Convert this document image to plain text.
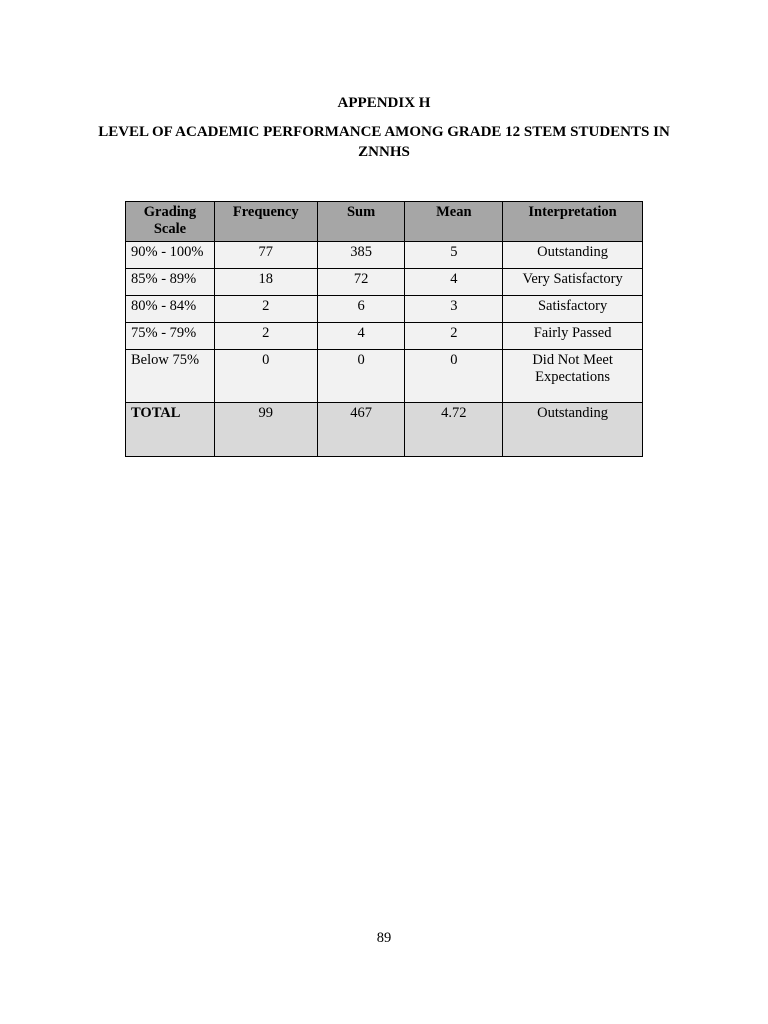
APPENDIX H
LEVEL OF ACADEMIC PERFORMANCE AMONG GRADE 12 STEM STUDENTS IN ZNNHS
Grading Scale	Frequency	Sum	Mean	Interpretation
90% - 100%	77	385	5	Outstanding
85% - 89%	18	72	4	Very Satisfactory
80% - 84%	2	6	3	Satisfactory
75% - 79%	2	4	2	Fairly Passed
Below 75%	0	0	0	Did Not Meet Expectations
TOTAL	99	467	4.72	Outstanding
89
